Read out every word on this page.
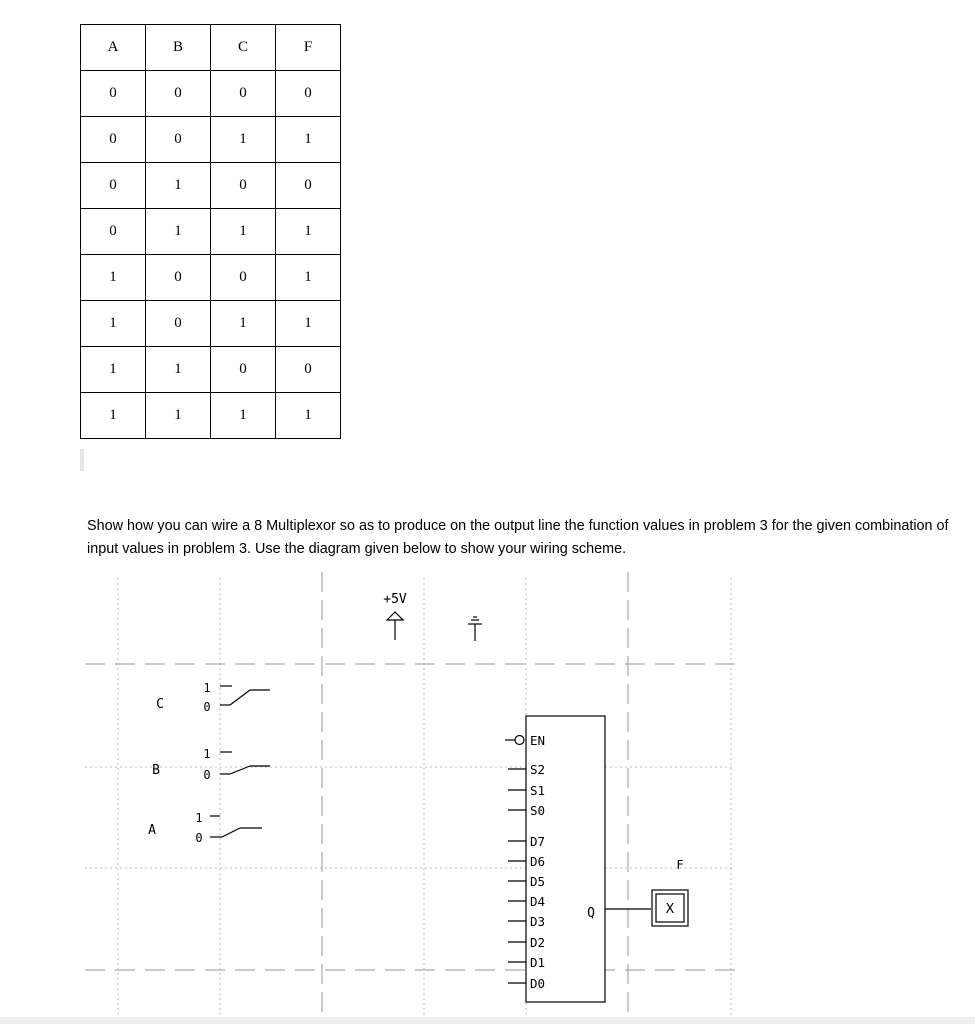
A	B	C	F
0	0	0	0
0	0	1	1
0	1	0	0
0	1	1	1
1	0	0	1
1	0	1	1
1	1	0	0
1	1	1	1

Show how you can wire a 8 Multiplexor so as to produce on the output line the function values in problem 3 for the given combination of input values in problem 3. Use the diagram given below to show your wiring scheme.

+5V
C
1
0
B
1
0
A
1
0
EN
S2
S1
S0
D7
D6
D5
D4
D3
D2
D1
D0
Q
F
X
